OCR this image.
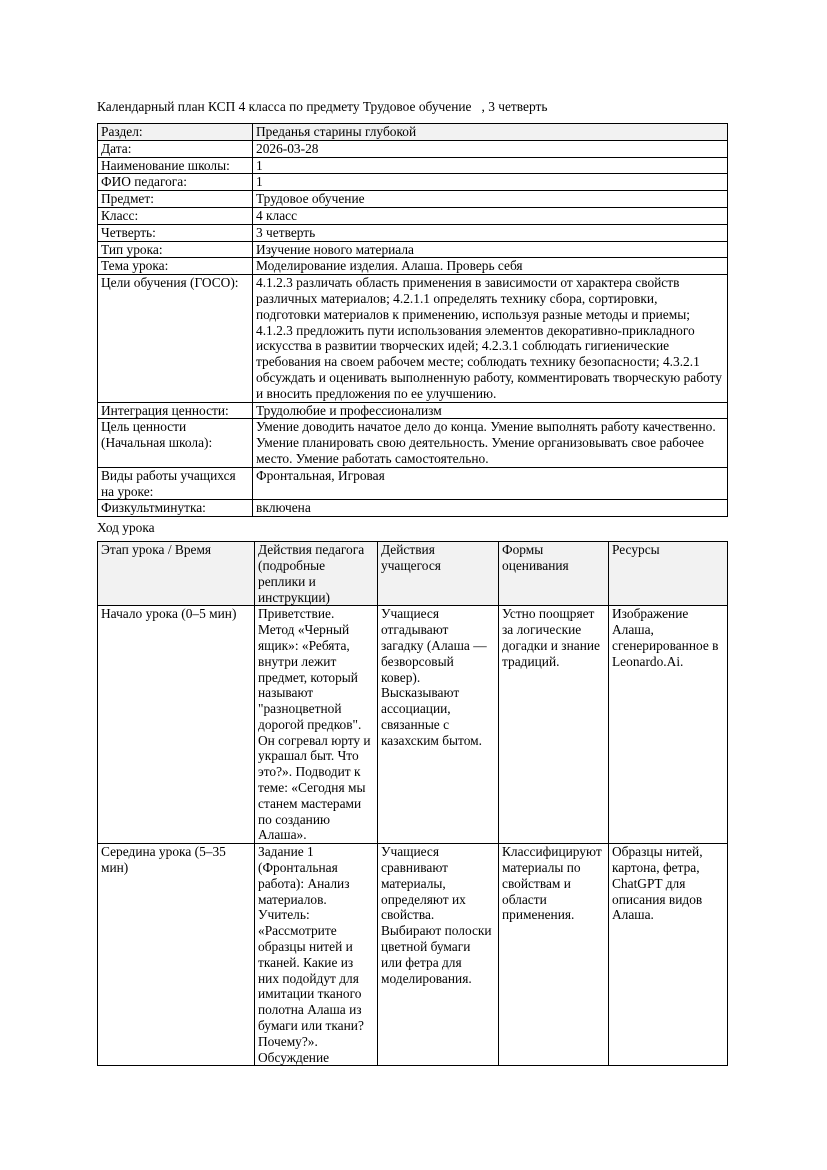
Календарный план КСП 4 класса по предмету Трудовое обучение   , 3 четверть

Раздел:	Преданья старины глубокой
Дата:	2026-03-28
Наименование школы:	1
ФИО педагога:	1
Предмет:	Трудовое обучение
Класс:	4 класс
Четверть:	3 четверть
Тип урока:	Изучение нового материала
Тема урока:	Моделирование изделия. Алаша. Проверь себя
Цели обучения (ГОСО):	4.1.2.3 различать область применения в зависимости от характера свойств различных материалов; 4.2.1.1 определять технику сбора, сортировки, подготовки материалов к применению, используя разные методы и приемы; 4.1.2.3 предложить пути использования элементов декоративно-прикладного искусства в развитии творческих идей; 4.2.3.1 соблюдать гигиенические требования на своем рабочем месте; соблюдать технику безопасности; 4.3.2.1 обсуждать и оценивать выполненную работу, комментировать творческую работу и вносить предложения по ее улучшению.
Интеграция ценности:	Трудолюбие и профессионализм
Цель ценности (Начальная школа):	Умение доводить начатое дело до конца. Умение выполнять работу качественно. Умение планировать свою деятельность. Умение организовывать свое рабочее место. Умение работать самостоятельно.
Виды работы учащихся на уроке:	Фронтальная, Игровая
Физкультминутка:	включена

Ход урока

Этап урока / Время	Действия педагога (подробные реплики и инструкции)	Действия учащегося	Формы оценивания	Ресурсы
Начало урока (0–5 мин)	Приветствие. Метод «Черный ящик»: «Ребята, внутри лежит предмет, который называют "разноцветной дорогой предков". Он согревал юрту и украшал быт. Что это?». Подводит к теме: «Сегодня мы станем мастерами по созданию Алаша».	Учащиеся отгадывают загадку (Алаша — безворсовый ковер). Высказывают ассоциации, связанные с казахским бытом.	Устно поощряет за логические догадки и знание традиций.	Изображение Алаша, сгенерированное в Leonardo.Ai.
Середина урока (5–35 мин)	Задание 1 (Фронтальная работа): Анализ материалов. Учитель: «Рассмотрите образцы нитей и тканей. Какие из них подойдут для имитации тканого полотна Алаша из бумаги или ткани? Почему?». Обсуждение	Учащиеся сравнивают материалы, определяют их свойства. Выбирают полоски цветной бумаги или фетра для моделирования.	Классифицируют материалы по свойствам и области применения.	Образцы нитей, картона, фетра, ChatGPT для описания видов Алаша.
